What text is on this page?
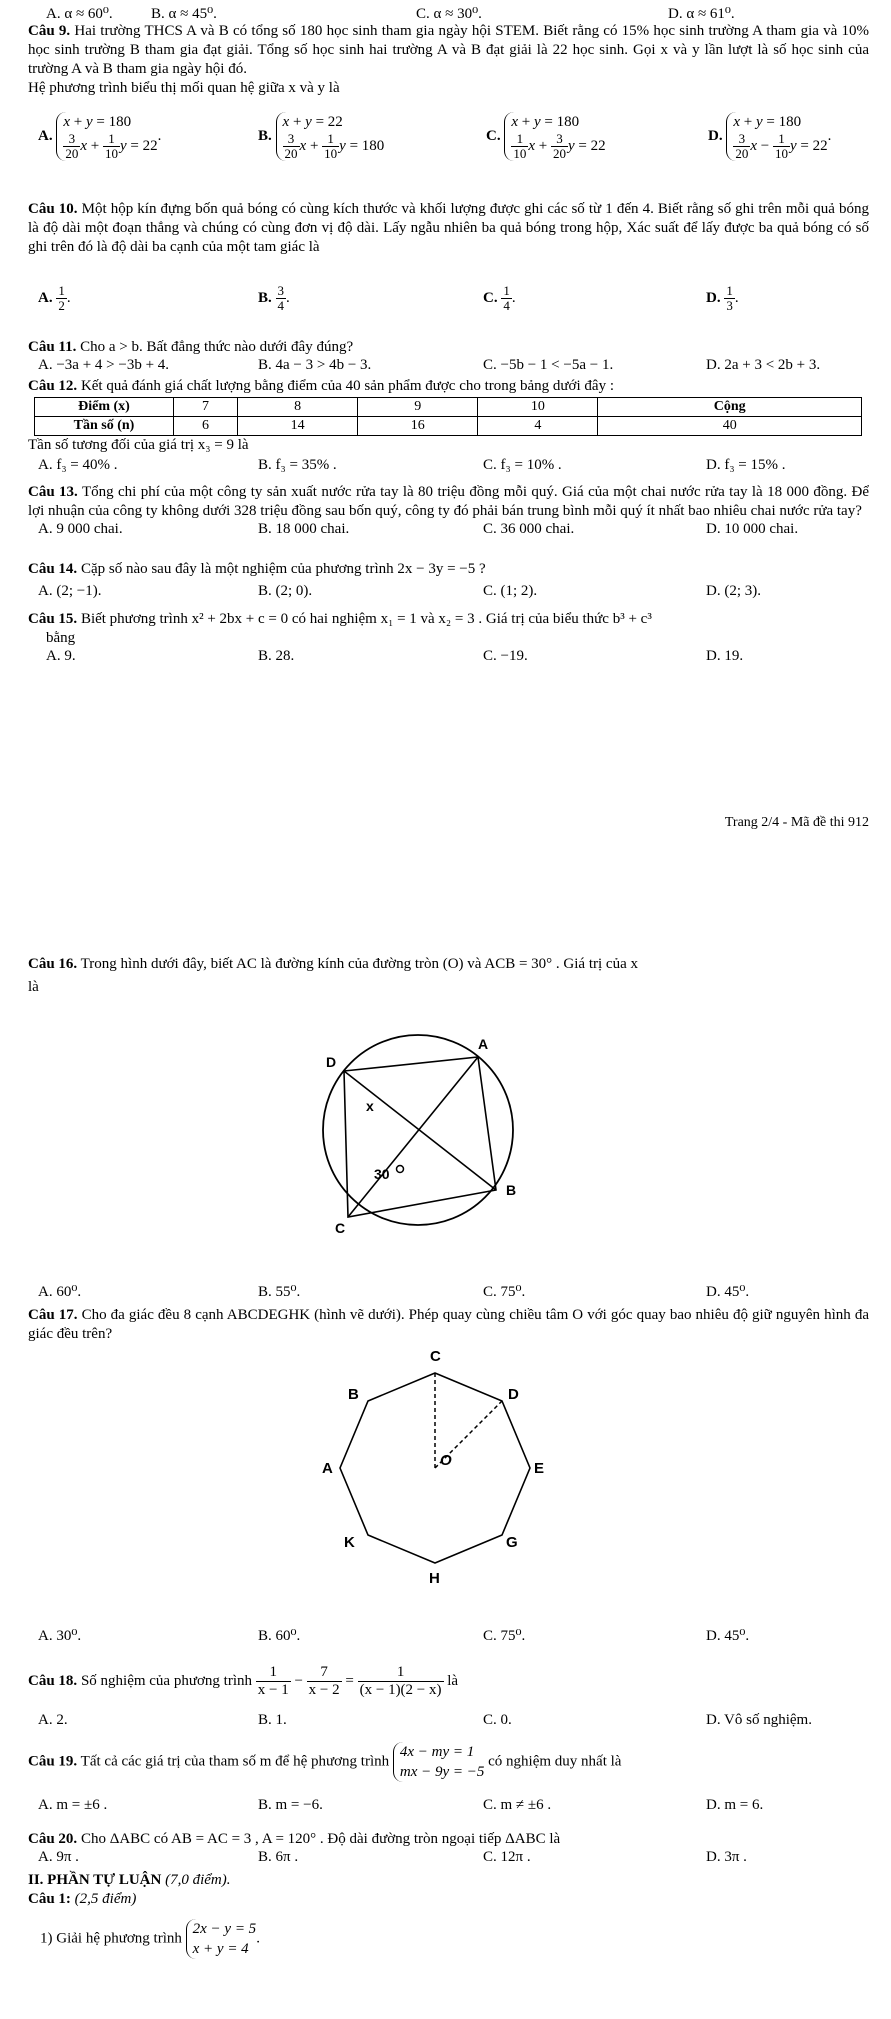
A. α ≈ 60⁰.	B. α ≈ 45⁰.	C. α ≈ 30⁰.	D. α ≈ 61⁰.

Câu 9. Hai trường THCS A và B có tổng số 180 học sinh tham gia ngày hội STEM. Biết rằng có 15% học sinh trường A tham gia và 10% học sinh trường B tham gia đạt giải. Tổng số học sinh hai trường A và B đạt giải là 22 học sinh. Gọi x và y lần lượt là số học sinh của trường A và B tham gia ngày hội đó.

Hệ phương trình biểu thị mối quan hệ giữa x và y là

A. x + y = 180

$\frac{3}{20}$ $x + \frac{1}{10}$ y = 22.	B. x + y = 22

$\frac{3}{20}$ $x + \frac{1}{10}$ y = 180
C. x + y = 180

$\frac{1}{10}$ $x + \frac{3}{20}$ y = 22
D. x + y = 180

$\frac{3}{20}$ $x - \frac{1}{10}$ y = 22.

Câu 10. Một hộp kín đựng bốn quả bóng có cùng kích thước và khối lượng được ghi các số từ 1 đến 4. Biết rằng số ghi trên mỗi quả bóng là độ dài một đoạn thẳng và chúng có cùng đơn vị độ dài. Lấy ngẫu nhiên ba quả bóng trong hộp, Xác suất để lấy được ba quả bóng có số ghi trên đó là độ dài ba cạnh của một tam giác là

A. $\frac{1}{2}$ .	B. $\frac{3}{4}$ .	C. $\frac{1}{4}$ .	D. $\frac{1}{3}$ .

Câu 11. Cho a > b. Bất đẳng thức nào dưới đây đúng?

A. −3a + 4 > −3b + 4.	B. 4a − 3 > 4b − 3.	C. −5b − 1 < −5a − 1.	D. 2a + 3 < 2b + 3.

Câu 12. Kết quả đánh giá chất lượng bằng điểm của 40 sản phẩm được cho trong bảng dưới đây :

Điểm (x)	7	8	9	10	Cộng
Tần số (n)	6	14	16	4	40

Tần số tương đối của giá trị x₃ = 9 là

A. f₃ = 40% .	B. f₃ = 35% .	C. f₃ = 10% .	D. f₃ = 15% .

Câu 13. Tổng chi phí của một công ty sản xuất nước rửa tay là 80 triệu đồng mỗi quý. Giá của một chai nước rửa tay là 18 000 đồng. Để lợi nhuận của công ty không dưới 328 triệu đồng sau bốn quý, công ty đó phải bán trung bình mỗi quý ít nhất bao nhiêu chai nước rửa tay?

A. 9 000 chai.	B. 18 000 chai.	C. 36 000 chai.	D. 10 000 chai.

Câu 14. Cặp số nào sau đây là một nghiệm của phương trình 2x − 3y = −5 ?

A. (2; −1).	B. (2; 0).	C. (1; 2).	D. (2; 3).

Câu 15. Biết phương trình x² + 2bx + c = 0 có hai nghiệm x₁ = 1 và x₂ = 3 . Giá trị của biểu thức b³ + c³

bằng

A. 9.	B. 28.	C. −19.	D. 19.
Trang 2/4 - Mã đề thi 912

Câu 16. Trong hình dưới đây, biết AC là đường kính của đường tròn (O) và ACB = 30° . Giá trị của x

là

A
B
C
D
x
30
A. 60⁰.	B. 55⁰.	C. 75⁰.	D. 45⁰.

Câu 17. Cho đa giác đều 8 cạnh ABCDEGHK (hình vẽ dưới). Phép quay cùng chiều tâm O với góc quay bao nhiêu độ giữ nguyên hình đa giác đều trên?

C
D
E
G
H
K
A
B
O
A. 30⁰.	B. 60⁰.	C. 75⁰.	D. 45⁰.
Câu 18. Số nghiệm của phương trình $\frac{1}{x - 1} - \frac{7}{x - 2} = \frac{1}{(x - 1)(2 - x)}$ là
A. 2.	B. 1.	C. 0.	D. Vô số nghiệm.
Câu 19. Tất cả các giá trị của tham số m để hệ phương trình 4x − my = 1
mx − 9y = −5 có nghiệm duy nhất là
A. m = ±6 .	B. m = −6.	C. m ≠ ±6 .	D. m = 6.

Câu 20. Cho ΔABC có AB = AC = 3 , A = 120° . Độ dài đường tròn ngoại tiếp ΔABC là

A. 9π .	B. 6π .	C. 12π .	D. 3π .

II. PHẦN TỰ LUẬN (7,0 điểm).

Câu 1: (2,5 điểm)

1) Giải hệ phương trình 2x − y = 5
x + y = 4.
